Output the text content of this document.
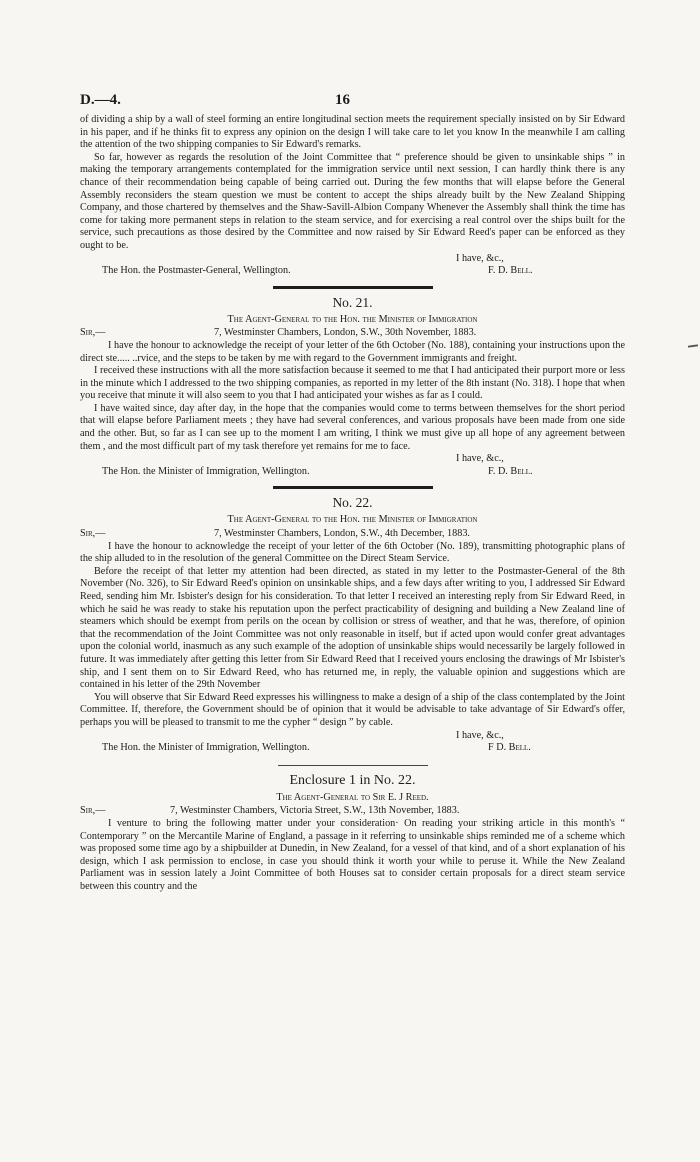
D.—4.	16

of dividing a ship by a wall of steel forming an entire longitudinal section meets the requirement specially insisted on by Sir Edward in his paper, and if he thinks fit to express any opinion on the design I will take care to let you know In the meanwhile I am calling the attention of the two shipping companies to Sir Edward's remarks.

So far, however as regards the resolution of the Joint Committee that “ preference should be given to unsinkable ships ” in making the temporary arrangements contemplated for the immigration service until next session, I can hardly think there is any chance of their recommendation being capable of being carried out. During the few months that will elapse before the General Assembly reconsiders the steam question we must be content to accept the ships already built by the New Zealand Shipping Company, and those chartered by themselves and the Shaw-Savill-Albion Company Whenever the Assembly shall think the time has come for taking more permanent steps in relation to the steam service, and for exercising a real control over the ships built for the service, such precautions as those desired by the Committee and now raised by Sir Edward Reed's paper can be enforced as they ought to be.

I have, &c.,
The Hon. the Postmaster-General, Wellington.	F. D. Bell.
No. 21.
The Agent-General to the Hon. the Minister of Immigration
Sir,—	7, Westminster Chambers, London, S.W., 30th November, 1883.

I have the honour to acknowledge the receipt of your letter of the 6th October (No. 188), containing your instructions upon the direct ste..... ..rvice, and the steps to be taken by me with regard to the Government immigrants and freight.

I received these instructions with all the more satisfaction because it seemed to me that I had anticipated their purport more or less in the minute which I addressed to the two shipping companies, as reported in my letter of the 8th instant (No. 318). I hope that when you receive that minute it will also seem to you that I had anticipated your wishes as far as I could.

I have waited since, day after day, in the hope that the companies would come to terms between themselves for the short period that will elapse before Parliament meets ; they have had several conferences, and various proposals have been made from one side and the other. But, so far as I can see up to the moment I am writing, I think we must give up all hope of any agreement between them , and the most difficult part of my task therefore yet remains for me to face.

I have, &c.,
The Hon. the Minister of Immigration, Wellington.	F. D. Bell.
No. 22.
The Agent-General to the Hon. the Minister of Immigration
Sir,—	7, Westminster Chambers, London, S.W., 4th December, 1883.

I have the honour to acknowledge the receipt of your letter of the 6th October (No. 189), transmitting photographic plans of the ship alluded to in the resolution of the general Committee on the Direct Steam Service.

Before the receipt of that letter my attention had been directed, as stated in my letter to the Postmaster-General of the 8th November (No. 326), to Sir Edward Reed's opinion on unsinkable ships, and a few days after writing to you, I addressed Sir Edward Reed, sending him Mr. Isbister's design for his consideration. To that letter I received an interesting reply from Sir Edward Reed, in which he said he was ready to stake his reputation upon the perfect practicability of designing and building a New Zealand line of steamers which should be exempt from perils on the ocean by collision or stress of weather, and that he was, therefore, of opinion that the recommendation of the Joint Committee was not only reasonable in itself, but if acted upon would confer great advantages upon the colonial world, inasmuch as any such example of the adoption of unsinkable ships would necessarily be largely followed in future. It was immediately after getting this letter from Sir Edward Reed that I received yours enclosing the drawings of Mr Isbister's ship, and I sent them on to Sir Edward Reed, who has returned me, in reply, the valuable opinion and suggestions which are contained in his letter of the 29th November

You will observe that Sir Edward Reed expresses his willingness to make a design of a ship of the class contemplated by the Joint Committee. If, therefore, the Government should be of opinion that it would be advisable to take advantage of Sir Edward's offer, perhaps you will be pleased to transmit to me the cypher “ design ” by cable.

I have, &c.,
The Hon. the Minister of Immigration, Wellington.	F D. Bell.
Enclosure 1 in No. 22.
The Agent-General to Sir E. J Reed.
Sir,—	7, Westminster Chambers, Victoria Street, S.W., 13th November, 1883.

I venture to bring the following matter under your consideration· On reading your striking article in this month's “ Contemporary ” on the Mercantile Marine of England, a passage in it referring to unsinkable ships reminded me of a scheme which was proposed some time ago by a shipbuilder at Dunedin, in New Zealand, for a vessel of that kind, and of a short explanation of his design, which I ask permission to enclose, in case you should think it worth your while to peruse it. While the New Zealand Parliament was in session lately a Joint Committee of both Houses sat to consider certain proposals for a direct steam service between this country and the
